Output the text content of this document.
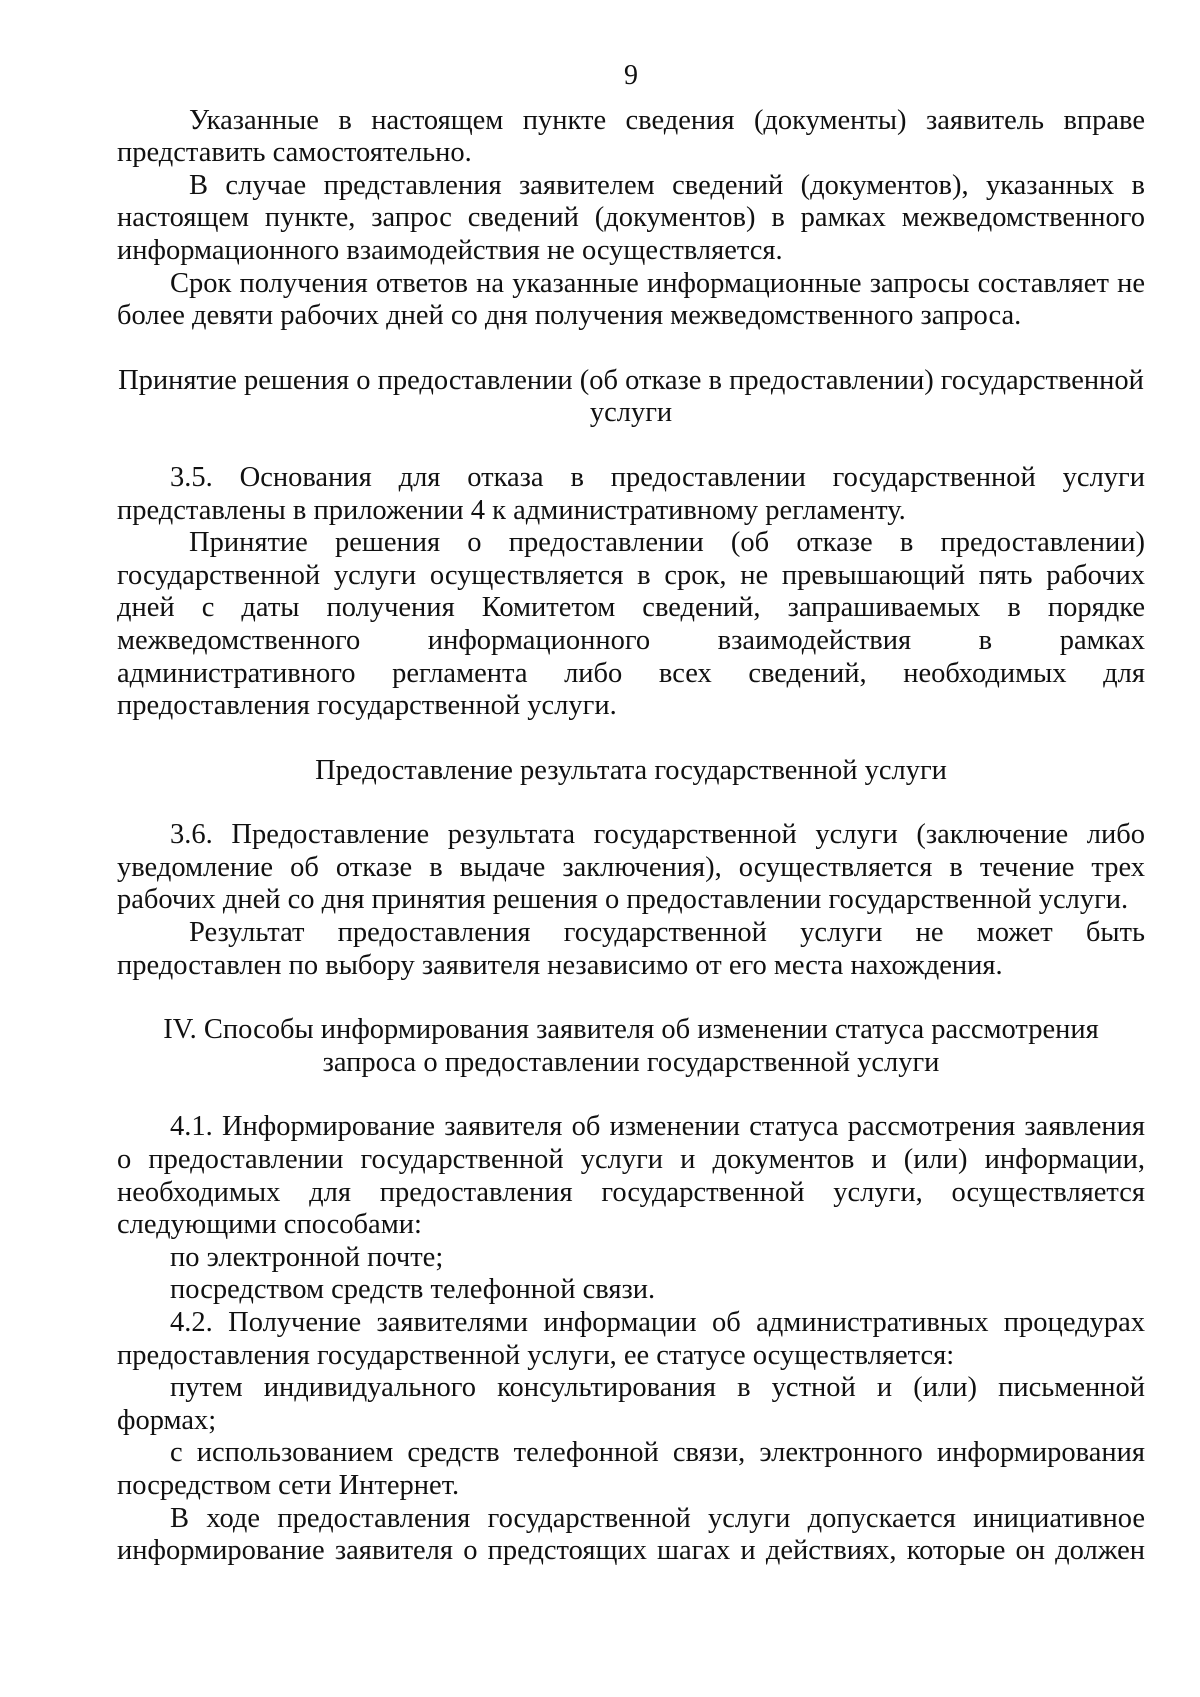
9

Указанные в настоящем пункте сведения (документы) заявитель вправе представить самостоятельно.

В случае представления заявителем сведений (документов), указанных в настоящем пункте, запрос сведений (документов) в рамках межведомственного информационного взаимодействия не осуществляется.

Срок получения ответов на указанные информационные запросы составляет не более девяти рабочих дней со дня получения межведомственного запроса.

Принятие решения о предоставлении (об отказе в предоставлении) государственной услуги

3.5. Основания для отказа в предоставлении государственной услуги представлены в приложении 4 к административному регламенту.

Принятие решения о предоставлении (об отказе в предоставлении) государственной услуги осуществляется в срок, не превышающий пять рабочих дней с даты получения Комитетом сведений, запрашиваемых в порядке межведомственного информационного взаимодействия в рамках административного регламента либо всех сведений, необходимых для предоставления государственной услуги.

Предоставление результата государственной услуги

3.6. Предоставление результата государственной услуги (заключение либо уведомление об отказе в выдаче заключения), осуществляется в течение трех рабочих дней со дня принятия решения о предоставлении государственной услуги.

Результат предоставления государственной услуги не может быть предоставлен по выбору заявителя независимо от его места нахождения.

IV. Способы информирования заявителя об изменении статуса рассмотрения запроса о предоставлении государственной услуги

4.1. Информирование заявителя об изменении статуса рассмотрения заявления о предоставлении государственной услуги и документов и (или) информации, необходимых для предоставления государственной услуги, осуществляется следующими способами:

по электронной почте;

посредством средств телефонной связи.

4.2. Получение заявителями информации об административных процедурах предоставления государственной услуги, ее статусе осуществляется:

путем индивидуального консультирования в устной и (или) письменной формах;

с использованием средств телефонной связи, электронного информирования посредством сети Интернет.

В ходе предоставления государственной услуги допускается инициативное информирование заявителя о предстоящих шагах и действиях, которые он должен
